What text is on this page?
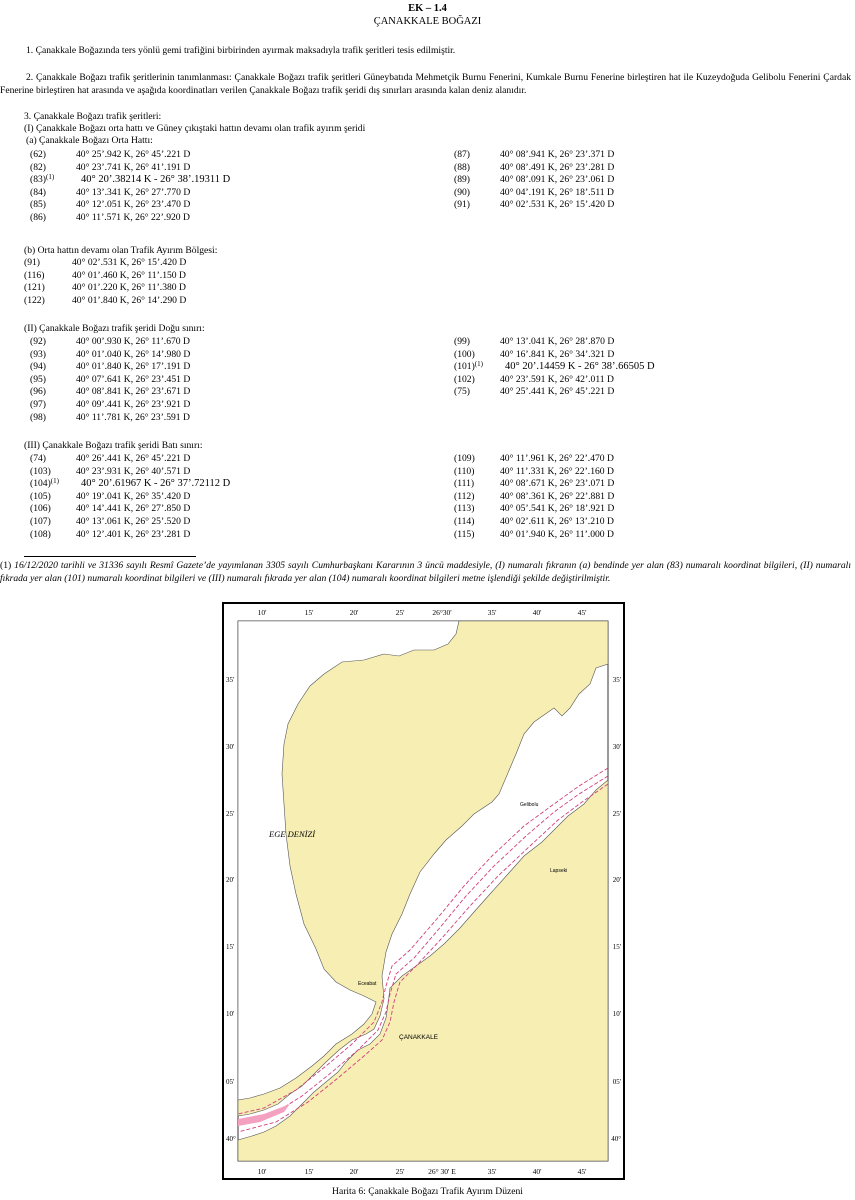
EK – 1.4
ÇANAKKALE BOĞAZI
1. Çanakkale Boğazında ters yönlü gemi trafiğini birbirinden ayırmak maksadıyla trafik şeritleri tesis edilmiştir.
2. Çanakkale Boğazı trafik şeritlerinin tanımlanması: Çanakkale Boğazı trafik şeritleri Güneybatıda Mehmetçik Burnu Fenerini, Kumkale Burnu Fenerine birleştiren hat ile Kuzeydoğuda Gelibolu Fenerini Çardak Fenerine birleştiren hat arasında ve aşağıda koordinatları verilen Çanakkale Boğazı trafik şeridi dış sınırları arasında kalan deniz alanıdır.
3. Çanakkale Boğazı trafik şeritleri:
(I) Çanakkale Boğazı orta hattı ve Güney çıkıştaki hattın devamı olan trafik ayırım şeridi
(a) Çanakkale Boğazı Orta Hattı:
(62)	40° 25’.942 K, 26° 45’.221 D
(82)	40° 23’.741 K, 26° 41’.191 D
$(83)^{(1)}$	40° 20’.38214 K - 26° 38’.19311 D
(84)	40° 13’.341 K, 26° 27’.770 D
(85)	40° 12’.051 K, 26° 23’.470 D
(86)	40° 11’.571 K, 26° 22’.920 D
(87)	40° 08’.941 K, 26° 23’.371 D
(88)	40° 08’.491 K, 26° 23’.281 D
(89)	40° 08’.091 K, 26° 23’.061 D
(90)	40° 04’.191 K, 26° 18’.511 D
(91)	40° 02’.531 K, 26° 15’.420 D
(b) Orta hattın devamı olan Trafik Ayırım Bölgesi:
(91)	40° 02’.531 K, 26° 15’.420 D
(116)	40° 01’.460 K, 26° 11’.150 D
(121)	40° 01’.220 K, 26° 11’.380 D
(122)	40° 01’.840 K, 26° 14’.290 D
(II) Çanakkale Boğazı trafik şeridi Doğu sınırı:
(92)	40° 00’.930 K, 26° 11’.670 D
(93)	40° 01’.040 K, 26° 14’.980 D
(94)	40° 01’.840 K, 26° 17’.191 D
(95)	40° 07’.641 K, 26° 23’.451 D
(96)	40° 08’.841 K, 26° 23’.671 D
(97)	40° 09’.441 K, 26° 23’.921 D
(98)	40° 11’.781 K, 26° 23’.591 D
(99)	40° 13’.041 K, 26° 28’.870 D
(100)	40° 16’.841 K, 26° 34’.321 D
$(101)^{(1)}$ 40° 20’.14459 K - 26° 38’.66505 D
(102)	40° 23’.591 K, 26° 42’.011 D
(75)	40° 25’.441 K, 26° 45’.221 D
(III) Çanakkale Boğazı trafik şeridi Batı sınırı:
(74)	40° 26’.441 K, 26° 45’.221 D
(103)	40° 23’.931 K, 26° 40’.571 D
$(104)^{(1)}$ 40° 20’.61967 K - 26° 37’.72112 D
(105)	40° 19’.041 K, 26° 35’.420 D
(106)	40° 14’.441 K, 26° 27’.850 D
(107)	40° 13’.061 K, 26° 25’.520 D
(108)	40° 12’.401 K, 26° 23’.281 D
(109)	40° 11’.961 K, 26° 22’.470 D
(110)	40° 11’.331 K, 26° 22’.160 D
(111)	40° 08’.671 K, 26° 23’.071 D
(112)	40° 08’.361 K, 26° 22’.881 D
(113)	40° 05’.541 K, 26° 18’.921 D
(114)	40° 02’.611 K, 26° 13’.210 D
(115)	40° 01’.940 K, 26° 11’.000 D
(1) 16/12/2020 tarihli ve 31336 sayılı Resmî Gazete’de yayımlanan 3305 sayılı Cumhurbaşkanı Kararının 3 üncü maddesiyle, (I) numaralı fıkranın (a) bendinde yer alan (83) numaralı koordinat bilgileri, (II) numaralı fıkrada yer alan (101) numaralı koordinat bilgileri ve (III) numaralı fıkrada yer alan (104) numaralı koordinat bilgileri metne işlendiği şekilde değiştirilmiştir.
10'	15'	20'	25'	26°30'	35'	40'	45'
10'	15'	20'	25'	26° 30' E	35'	40'	45'
35'
30'
25'
20'
15'
10'
05'
40°
35'
30'
25'
20'
15'
10'
05'
40°
EGE DENİZİ
ÇANAKKALE
Gelibolu
Lapseki
Eceabat
Harita 6: Çanakkale Boğazı Trafik Ayırım Düzeni
